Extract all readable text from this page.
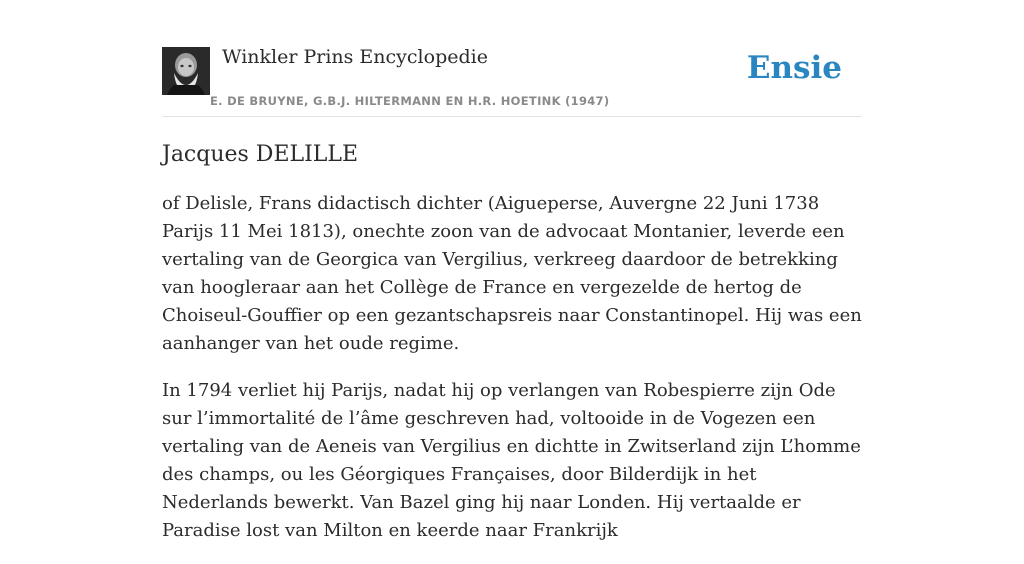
Winkler Prins Encyclopedie
E. DE BRUYNE, G.B.J. HILTERMANN EN H.R. HOETINK (1947)
Ensie
Jacques DELILLE

of Delisle, Frans didactisch dichter (Aigueperse, Auvergne 22 Juni 1738 Parijs 11 Mei 1813), onechte zoon van de advocaat Montanier, leverde een vertaling van de Georgica van Vergilius, verkreeg daardoor de betrekking van hoogleraar aan het Collège de France en vergezelde de hertog de Choiseul-Gouffier op een gezantschapsreis naar Constantinopel. Hij was een aanhanger van het oude regime.

In 1794 verliet hij Parijs, nadat hij op verlangen van Robespierre zijn Ode sur l’immortalité de l’âme geschreven had, voltooide in de Vogezen een vertaling van de Aeneis van Vergilius en dichtte in Zwitserland zijn L’homme des champs, ou les Géorgiques Françaises, door Bilderdijk in het Nederlands bewerkt. Van Bazel ging hij naar Londen. Hij vertaalde er Paradise lost van Milton en keerde naar Frankrijk
